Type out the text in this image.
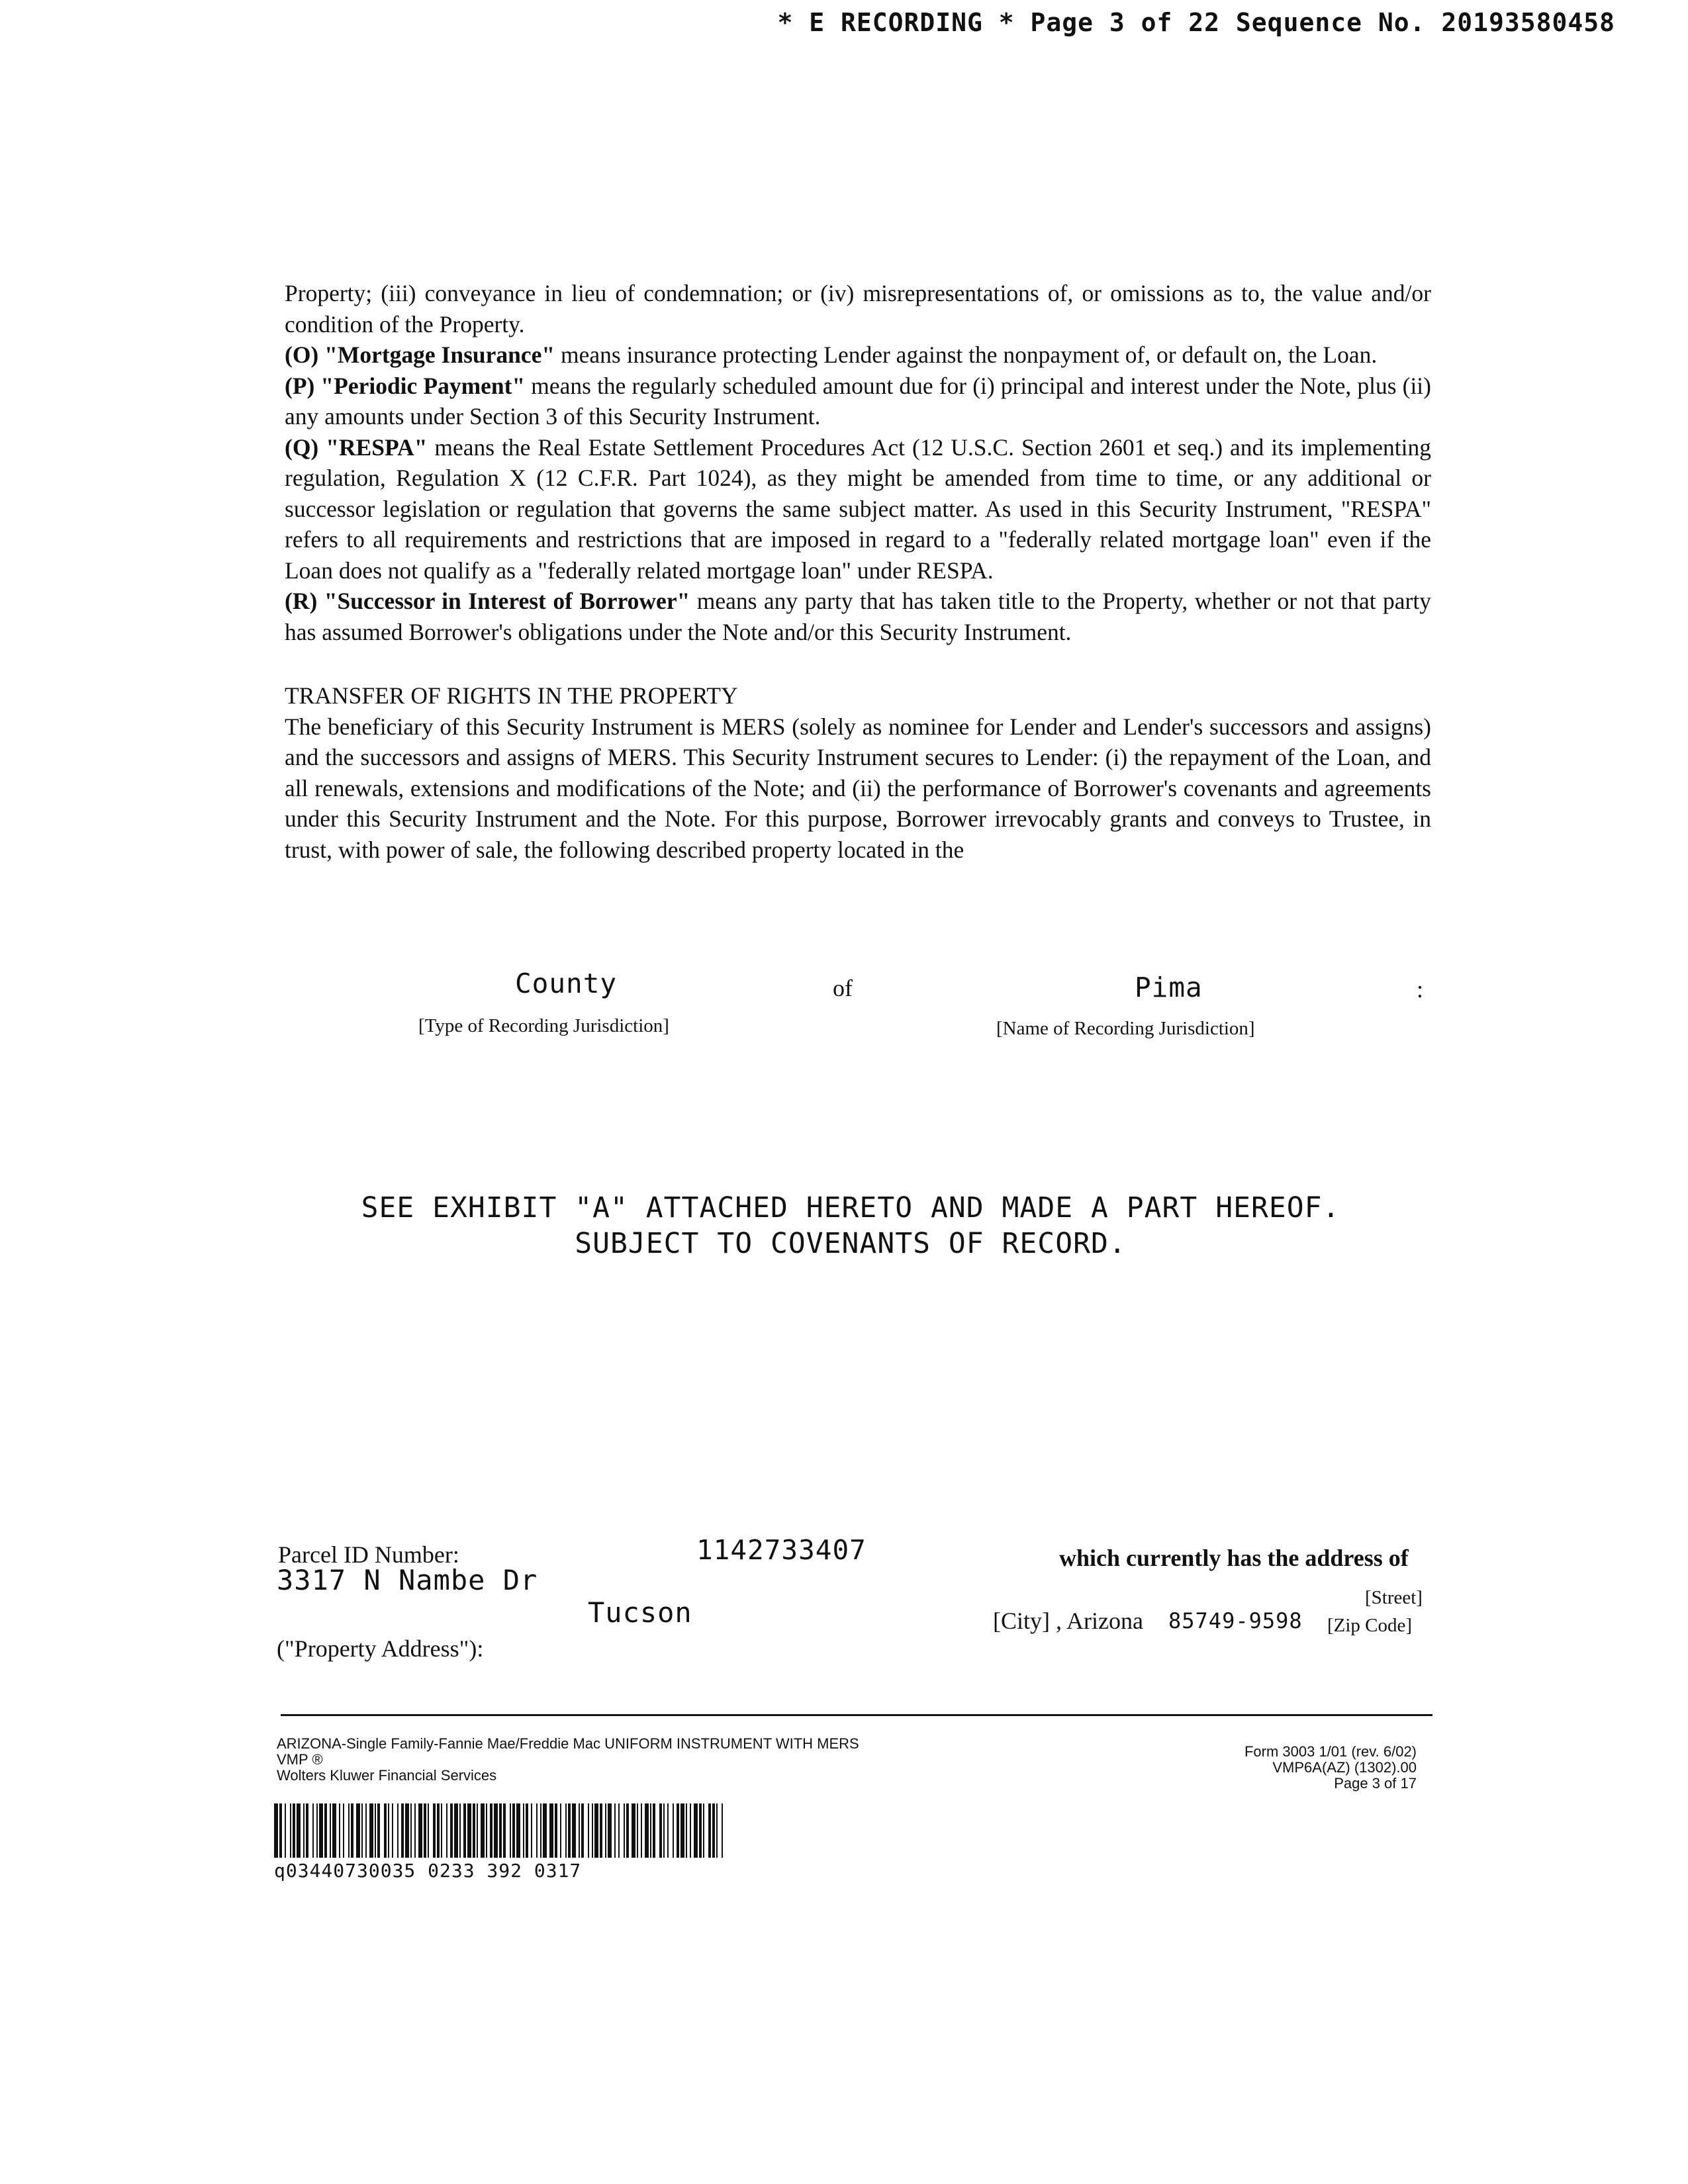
* E RECORDING * Page 3 of 22 Sequence No. 20193580458

Property; (iii) conveyance in lieu of condemnation; or (iv) misrepresentations of, or omissions as to, the value and/or condition of the Property.

(O) "Mortgage Insurance" means insurance protecting Lender against the nonpayment of, or default on, the Loan.

(P) "Periodic Payment" means the regularly scheduled amount due for (i) principal and interest under the Note, plus (ii) any amounts under Section 3 of this Security Instrument.

(Q) "RESPA" means the Real Estate Settlement Procedures Act (12 U.S.C. Section 2601 et seq.) and its implementing regulation, Regulation X (12 C.F.R. Part 1024), as they might be amended from time to time, or any additional or successor legislation or regulation that governs the same subject matter. As used in this Security Instrument, "RESPA" refers to all requirements and restrictions that are imposed in regard to a "federally related mortgage loan" even if the Loan does not qualify as a "federally related mortgage loan" under RESPA.

(R) "Successor in Interest of Borrower" means any party that has taken title to the Property, whether or not that party has assumed Borrower's obligations under the Note and/or this Security Instrument.

TRANSFER OF RIGHTS IN THE PROPERTY

The beneficiary of this Security Instrument is MERS (solely as nominee for Lender and Lender's successors and assigns) and the successors and assigns of MERS. This Security Instrument secures to Lender: (i) the repayment of the Loan, and all renewals, extensions and modifications of the Note; and (ii) the performance of Borrower's covenants and agreements under this Security Instrument and the Note. For this purpose, Borrower irrevocably grants and conveys to Trustee, in trust, with power of sale, the following described property located in the

County	of	Pima	:
[Type of Recording Jurisdiction]	[Name of Recording Jurisdiction]
SEE EXHIBIT "A" ATTACHED HERETO AND MADE A PART HEREOF.
SUBJECT TO COVENANTS OF RECORD.
Parcel ID Number:	1142733407	which currently has the address of
3317 N Nambe Dr
[Street]
Tucson	[City] , Arizona 85749-9598 [Zip Code]
("Property Address"):
ARIZONA-Single Family-Fannie Mae/Freddie Mac UNIFORM INSTRUMENT WITH MERS
VMP ®
Wolters Kluwer Financial Services
Form 3003 1/01 (rev. 6/02)
VMP6A(AZ) (1302).00
Page 3 of 17
q03440730035 0233 392 0317
